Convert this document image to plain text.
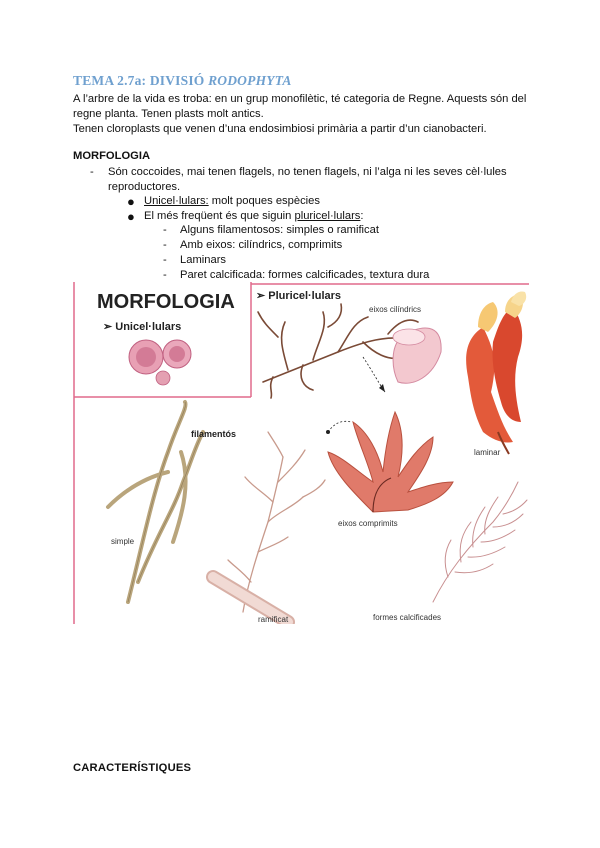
TEMA 2.7a: DIVISIÓ RODOPHYTA
A l’arbre de la vida es troba: en un grup monofilètic, té categoria de Regne. Aquests són del regne planta. Tenen plasts molt antics.
Tenen cloroplasts que venen d’una endosimbiosi primària a partir d’un cianobacteri.
MORFOLOGIA
- Són coccoides, mai tenen flagels, no tenen flagels, ni l’alga ni les seves cèl·lules reproductores.
● Unicel·lulars: molt poques espècies
● El més freqüent és que siguin pluricel·lulars:
- Alguns filamentosos: simples o ramificat
- Amb eixos: cilíndrics, comprimits
- Laminars
- Paret calcificada: formes calcificades, textura dura
MORFOLOGIA
➢ Unicel·lulars
➢ Pluricel·lulars
eixos cilíndrics
laminar
simple
filamentós
ramificat
eixos comprimits
formes calcificades
CARACTERÍSTIQUES
